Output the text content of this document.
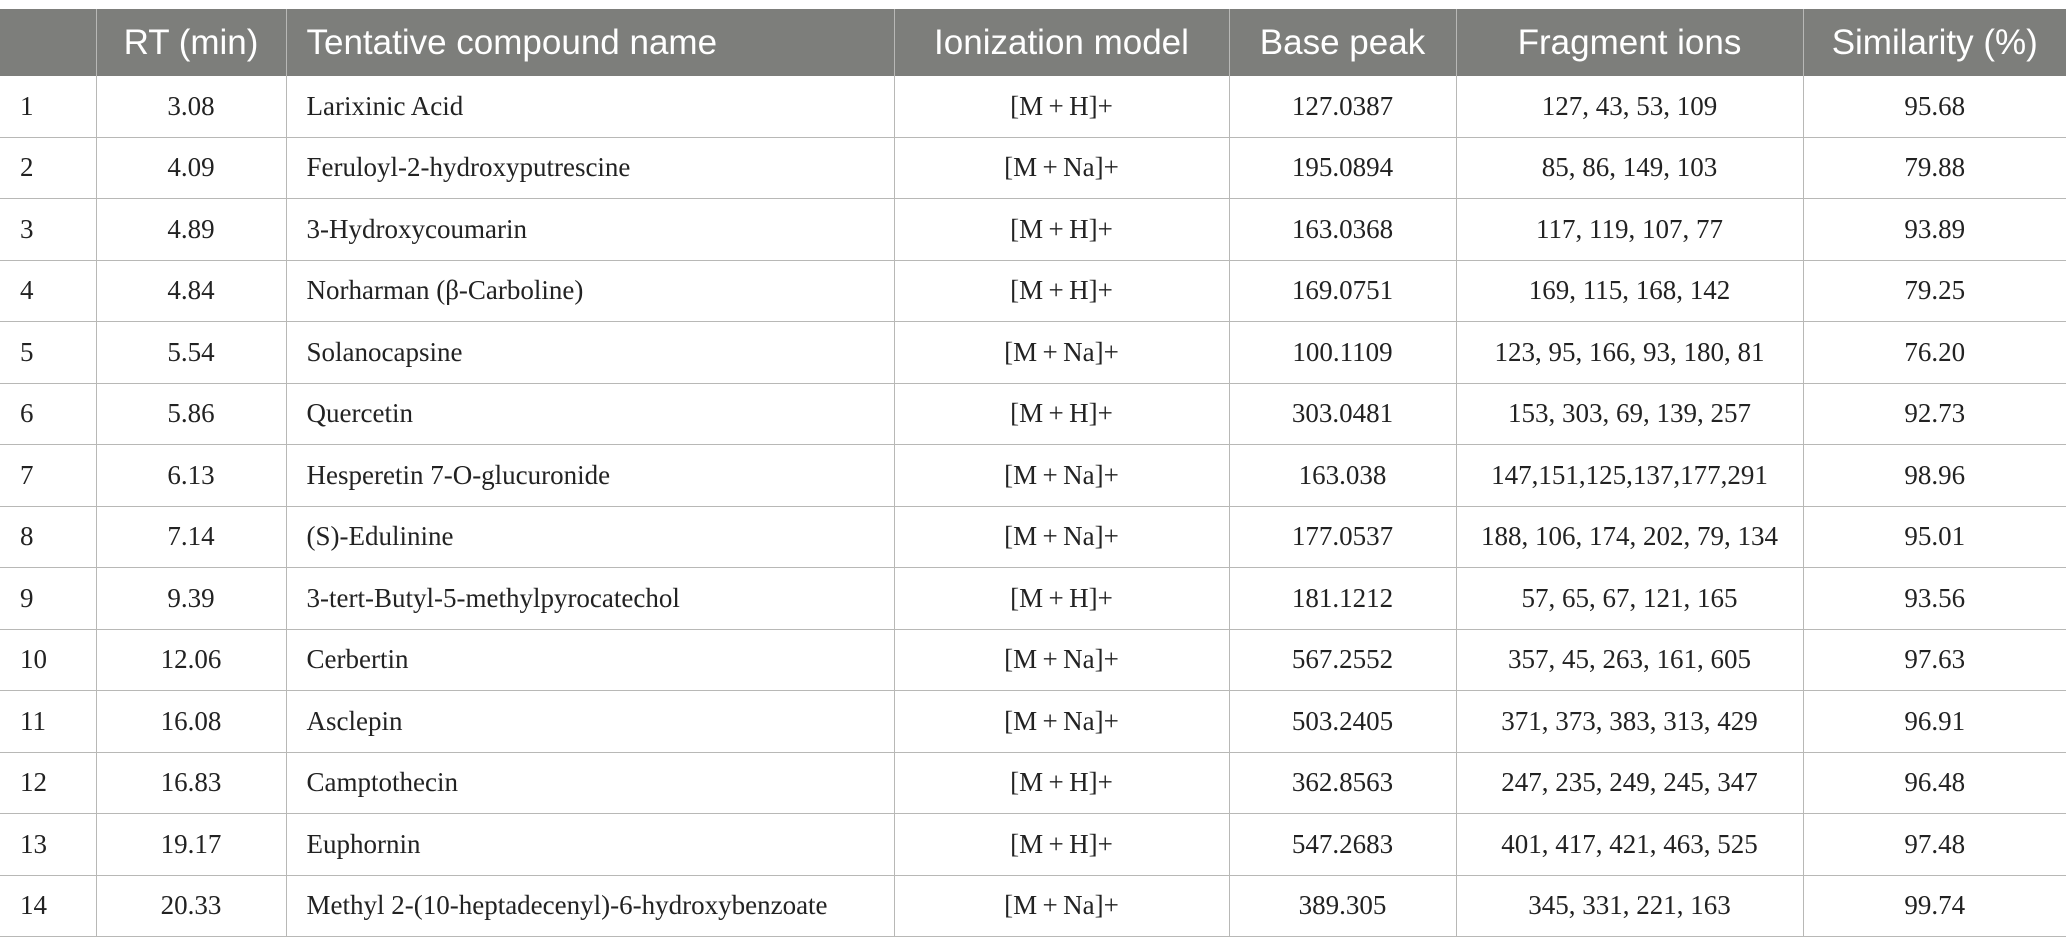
	RT (min)	Tentative compound name	Ionization model	Base peak	Fragment ions	Similarity (%)
1	3.08	Larixinic Acid	[M + H]+	127.0387	127, 43, 53, 109	95.68
2	4.09	Feruloyl-2-hydroxyputrescine	[M + Na]+	195.0894	85, 86, 149, 103	79.88
3	4.89	3-Hydroxycoumarin	[M + H]+	163.0368	117, 119, 107, 77	93.89
4	4.84	Norharman (β-Carboline)	[M + H]+	169.0751	169, 115, 168, 142	79.25
5	5.54	Solanocapsine	[M + Na]+	100.1109	123, 95, 166, 93, 180, 81	76.20
6	5.86	Quercetin	[M + H]+	303.0481	153, 303, 69, 139, 257	92.73
7	6.13	Hesperetin 7-O-glucuronide	[M + Na]+	163.038	147,151,125,137,177,291	98.96
8	7.14	(S)-Edulinine	[M + Na]+	177.0537	188, 106, 174, 202, 79, 134	95.01
9	9.39	3-tert-Butyl-5-methylpyrocatechol	[M + H]+	181.1212	57, 65, 67, 121, 165	93.56
10	12.06	Cerbertin	[M + Na]+	567.2552	357, 45, 263, 161, 605	97.63
11	16.08	Asclepin	[M + Na]+	503.2405	371, 373, 383, 313, 429	96.91
12	16.83	Camptothecin	[M + H]+	362.8563	247, 235, 249, 245, 347	96.48
13	19.17	Euphornin	[M + H]+	547.2683	401, 417, 421, 463, 525	97.48
14	20.33	Methyl 2-(10-heptadecenyl)-6-hydroxybenzoate	[M + Na]+	389.305	345, 331, 221, 163	99.74
